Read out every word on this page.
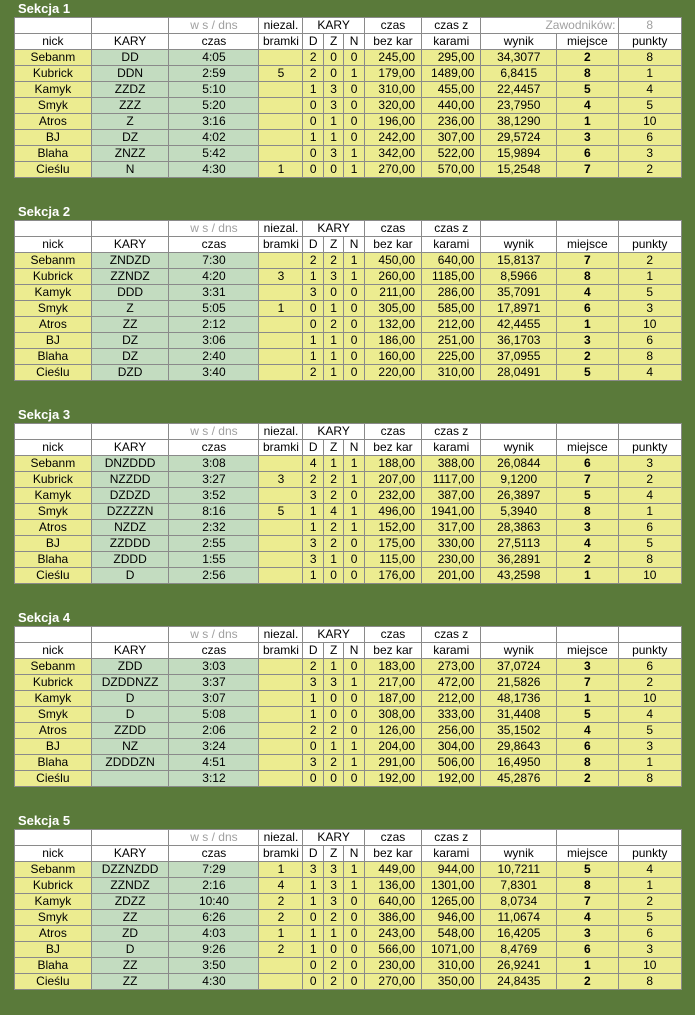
Sekcja 1
		w s / dns	niezal.	KARY			czas	czas z	Zawodników:		8
nick	KARY	czas	bramki	D	Z	N	bez kar	karami	wynik	miejsce	punkty
Sebanm	DD	4:05		2	0	0	245,00	295,00	34,3077	2	8
Kubrick	DDN	2:59	5	2	0	1	179,00	1489,00	6,8415	8	1
Kamyk	ZZDZ	5:10		1	3	0	310,00	455,00	22,4457	5	4
Smyk	ZZZ	5:20		0	3	0	320,00	440,00	23,7950	4	5
Atros	Z	3:16		0	1	0	196,00	236,00	38,1290	1	10
BJ	DZ	4:02		1	1	0	242,00	307,00	29,5724	3	6
Blaha	ZNZZ	5:42		0	3	1	342,00	522,00	15,9894	6	3
Cieślu	N	4:30	1	0	0	1	270,00	570,00	15,2548	7	2
Sekcja 2
		w s / dns	niezal.	KARY			czas	czas z			
nick	KARY	czas	bramki	D	Z	N	bez kar	karami	wynik	miejsce	punkty
Sebanm	ZNDZD	7:30		2	2	1	450,00	640,00	15,8137	7	2
Kubrick	ZZNDZ	4:20	3	1	3	1	260,00	1185,00	8,5966	8	1
Kamyk	DDD	3:31		3	0	0	211,00	286,00	35,7091	4	5
Smyk	Z	5:05	1	0	1	0	305,00	585,00	17,8971	6	3
Atros	ZZ	2:12		0	2	0	132,00	212,00	42,4455	1	10
BJ	DZ	3:06		1	1	0	186,00	251,00	36,1703	3	6
Blaha	DZ	2:40		1	1	0	160,00	225,00	37,0955	2	8
Cieślu	DZD	3:40		2	1	0	220,00	310,00	28,0491	5	4
Sekcja 3
		w s / dns	niezal.	KARY			czas	czas z			
nick	KARY	czas	bramki	D	Z	N	bez kar	karami	wynik	miejsce	punkty
Sebanm	DNZDDD	3:08		4	1	1	188,00	388,00	26,0844	6	3
Kubrick	NZZDD	3:27	3	2	2	1	207,00	1117,00	9,1200	7	2
Kamyk	DZDZD	3:52		3	2	0	232,00	387,00	26,3897	5	4
Smyk	DZZZZN	8:16	5	1	4	1	496,00	1941,00	5,3940	8	1
Atros	NZDZ	2:32		1	2	1	152,00	317,00	28,3863	3	6
BJ	ZZDDD	2:55		3	2	0	175,00	330,00	27,5113	4	5
Blaha	ZDDD	1:55		3	1	0	115,00	230,00	36,2891	2	8
Cieślu	D	2:56		1	0	0	176,00	201,00	43,2598	1	10
Sekcja 4
		w s / dns	niezal.	KARY			czas	czas z			
nick	KARY	czas	bramki	D	Z	N	bez kar	karami	wynik	miejsce	punkty
Sebanm	ZDD	3:03		2	1	0	183,00	273,00	37,0724	3	6
Kubrick	DZDDNZZ	3:37		3	3	1	217,00	472,00	21,5826	7	2
Kamyk	D	3:07		1	0	0	187,00	212,00	48,1736	1	10
Smyk	D	5:08		1	0	0	308,00	333,00	31,4408	5	4
Atros	ZZDD	2:06		2	2	0	126,00	256,00	35,1502	4	5
BJ	NZ	3:24		0	1	1	204,00	304,00	29,8643	6	3
Blaha	ZDDDZN	4:51		3	2	1	291,00	506,00	16,4950	8	1
Cieślu		3:12		0	0	0	192,00	192,00	45,2876	2	8
Sekcja 5
		w s / dns	niezal.	KARY			czas	czas z			
nick	KARY	czas	bramki	D	Z	N	bez kar	karami	wynik	miejsce	punkty
Sebanm	DZZNZDD	7:29	1	3	3	1	449,00	944,00	10,7211	5	4
Kubrick	ZZNDZ	2:16	4	1	3	1	136,00	1301,00	7,8301	8	1
Kamyk	ZDZZ	10:40	2	1	3	0	640,00	1265,00	8,0734	7	2
Smyk	ZZ	6:26	2	0	2	0	386,00	946,00	11,0674	4	5
Atros	ZD	4:03	1	1	1	0	243,00	548,00	16,4205	3	6
BJ	D	9:26	2	1	0	0	566,00	1071,00	8,4769	6	3
Blaha	ZZ	3:50		0	2	0	230,00	310,00	26,9241	1	10
Cieślu	ZZ	4:30		0	2	0	270,00	350,00	24,8435	2	8
